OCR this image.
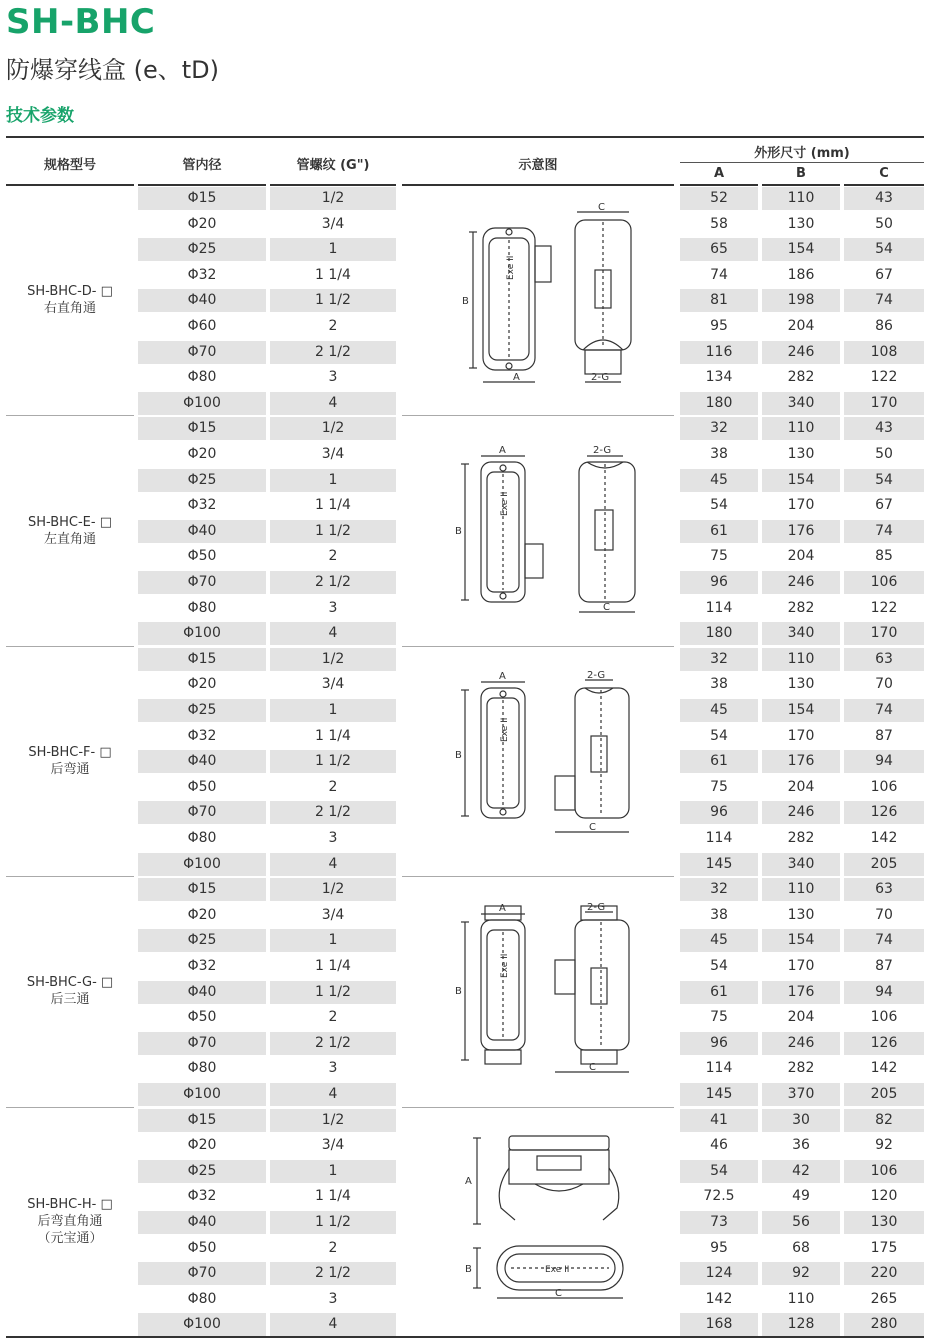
SH-BHC
防爆穿线盒 (e、tD)
技术参数
规格型号	管内径	管螺纹 (G")	示意图
外形尺寸 (mm)
A	B	C
Φ15	1/2	52	110	43
Φ20	3/4	58	130	50
Φ25	1	65	154	54
Φ32	1 1/4	74	186	67
Φ40	1 1/2	81	198	74
Φ60	2	95	204	86
Φ70	2 1/2	116	246	108
Φ80	3	134	282	122
Φ100	4	180	340	170
SH-BHC-D- □
右直角通
Φ15	1/2	32	110	43
Φ20	3/4	38	130	50
Φ25	1	45	154	54
Φ32	1 1/4	54	170	67
Φ40	1 1/2	61	176	74
Φ50	2	75	204	85
Φ70	2 1/2	96	246	106
Φ80	3	114	282	122
Φ100	4	180	340	170
SH-BHC-E- □
左直角通
Φ15	1/2	32	110	63
Φ20	3/4	38	130	70
Φ25	1	45	154	74
Φ32	1 1/4	54	170	87
Φ40	1 1/2	61	176	94
Φ50	2	75	204	106
Φ70	2 1/2	96	246	126
Φ80	3	114	282	142
Φ100	4	145	340	205
SH-BHC-F- □
后弯通
Φ15	1/2	32	110	63
Φ20	3/4	38	130	70
Φ25	1	45	154	74
Φ32	1 1/4	54	170	87
Φ40	1 1/2	61	176	94
Φ50	2	75	204	106
Φ70	2 1/2	96	246	126
Φ80	3	114	282	142
Φ100	4	145	370	205
SH-BHC-G- □
后三通
Φ15	1/2	41	30	82
Φ20	3/4	46	36	92
Φ25	1	54	42	106
Φ32	1 1/4	72.5	49	120
Φ40	1 1/2	73	56	130
Φ50	2	95	68	175
Φ70	2 1/2	124	92	220
Φ80	3	142	110	265
Φ100	4	168	128	280
SH-BHC-H- □
后弯直角通
（元宝通）
Exe II
B
A
C
2-G
Exe II
A
B
2-G
C
Exe II
A
B
2-G
C
Exe II
A
B
2-G
C
A
Exe II
B
C
